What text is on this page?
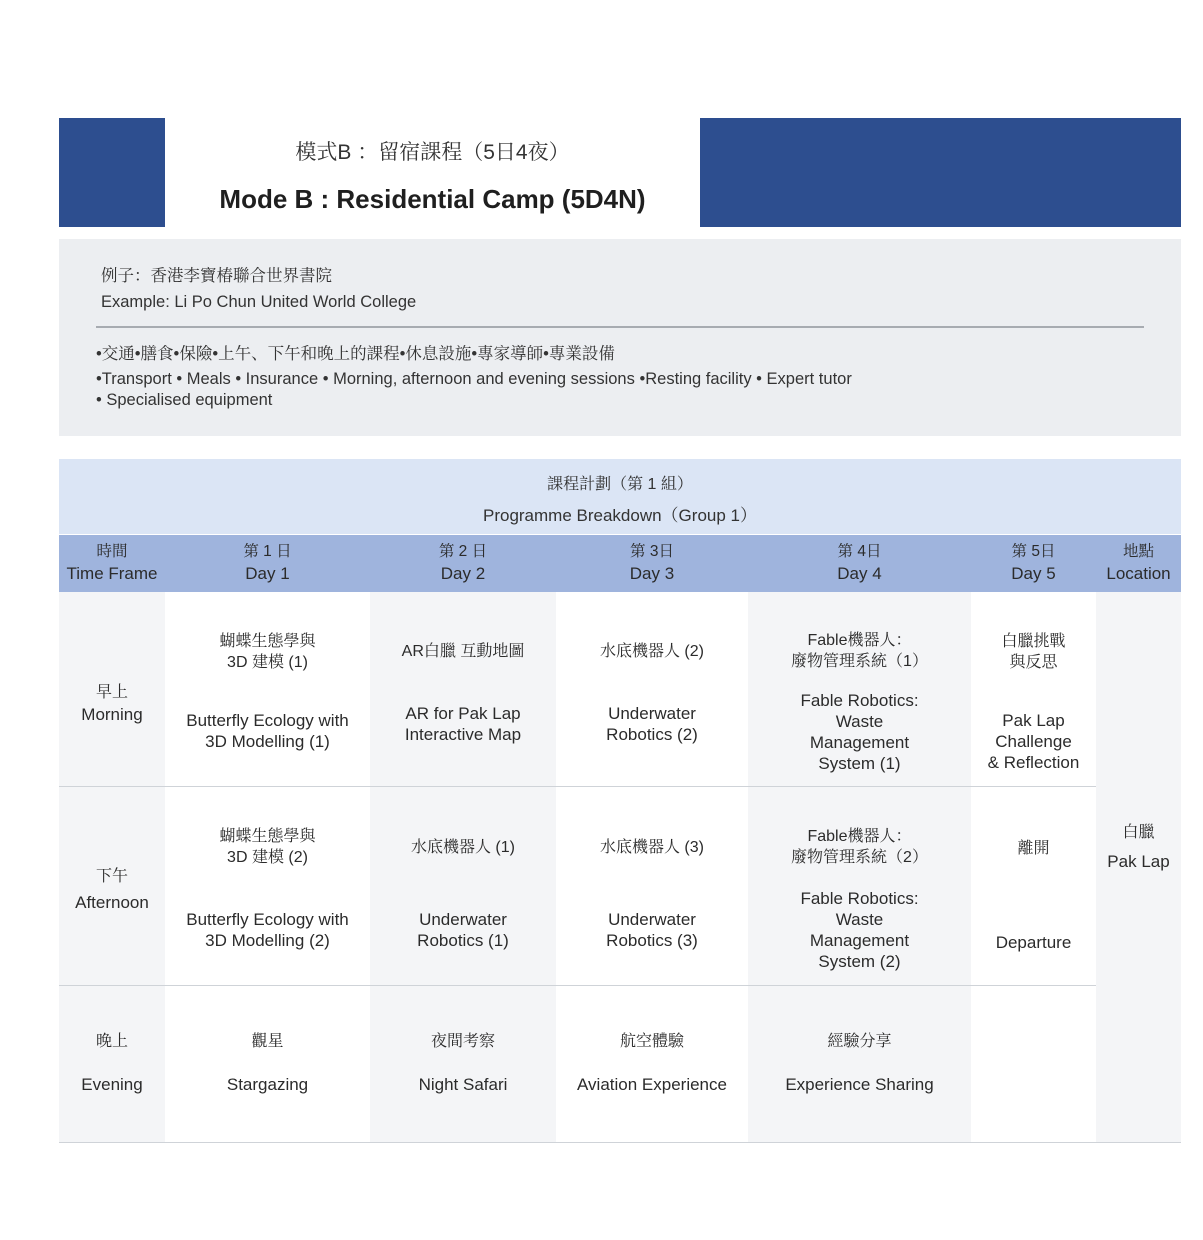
模式B ：留宿課程（5日4夜）
Mode B : Residential Camp (5D4N)
例子：香港李寶椿聯合世界書院
Example: Li Po Chun United World College
•交通•膳食•保險•上午、下午和晚上的課程•休息設施•專家導師•專業設備
•Transport • Meals • Insurance • Morning, afternoon and evening sessions •Resting facility • Expert tutor
• Specialised equipment
課程計劃（第 1 組）
Programme Breakdown（Group 1）
時間
Time Frame
第 1 日
Day 1
第 2 日
Day 2
第 3日
Day 3
第 4日
Day 4
第 5日
Day 5
地點
Location
早上
Morning
下午
Afternoon
晚上
Evening
蝴蝶生態學與
3D 建模 (1)
Butterfly Ecology with
3D Modelling (1)
AR白臘 互動地圖
AR for Pak Lap
Interactive Map
水底機器人 (2)
Underwater
Robotics (2)
Fable機器人：
廢物管理系統（1）
Fable Robotics:
Waste
Management
System (1)
白臘挑戰
與反思
Pak Lap
Challenge
& Reflection
蝴蝶生態學與
3D 建模 (2)
Butterfly Ecology with
3D Modelling (2)
水底機器人 (1)
Underwater
Robotics (1)
水底機器人 (3)
Underwater
Robotics (3)
Fable機器人：
廢物管理系統（2）
Fable Robotics:
Waste
Management
System (2)
離開
Departure
觀星
Stargazing
夜間考察
Night Safari
航空體驗
Aviation Experience
經驗分享
Experience Sharing
白臘
Pak Lap
